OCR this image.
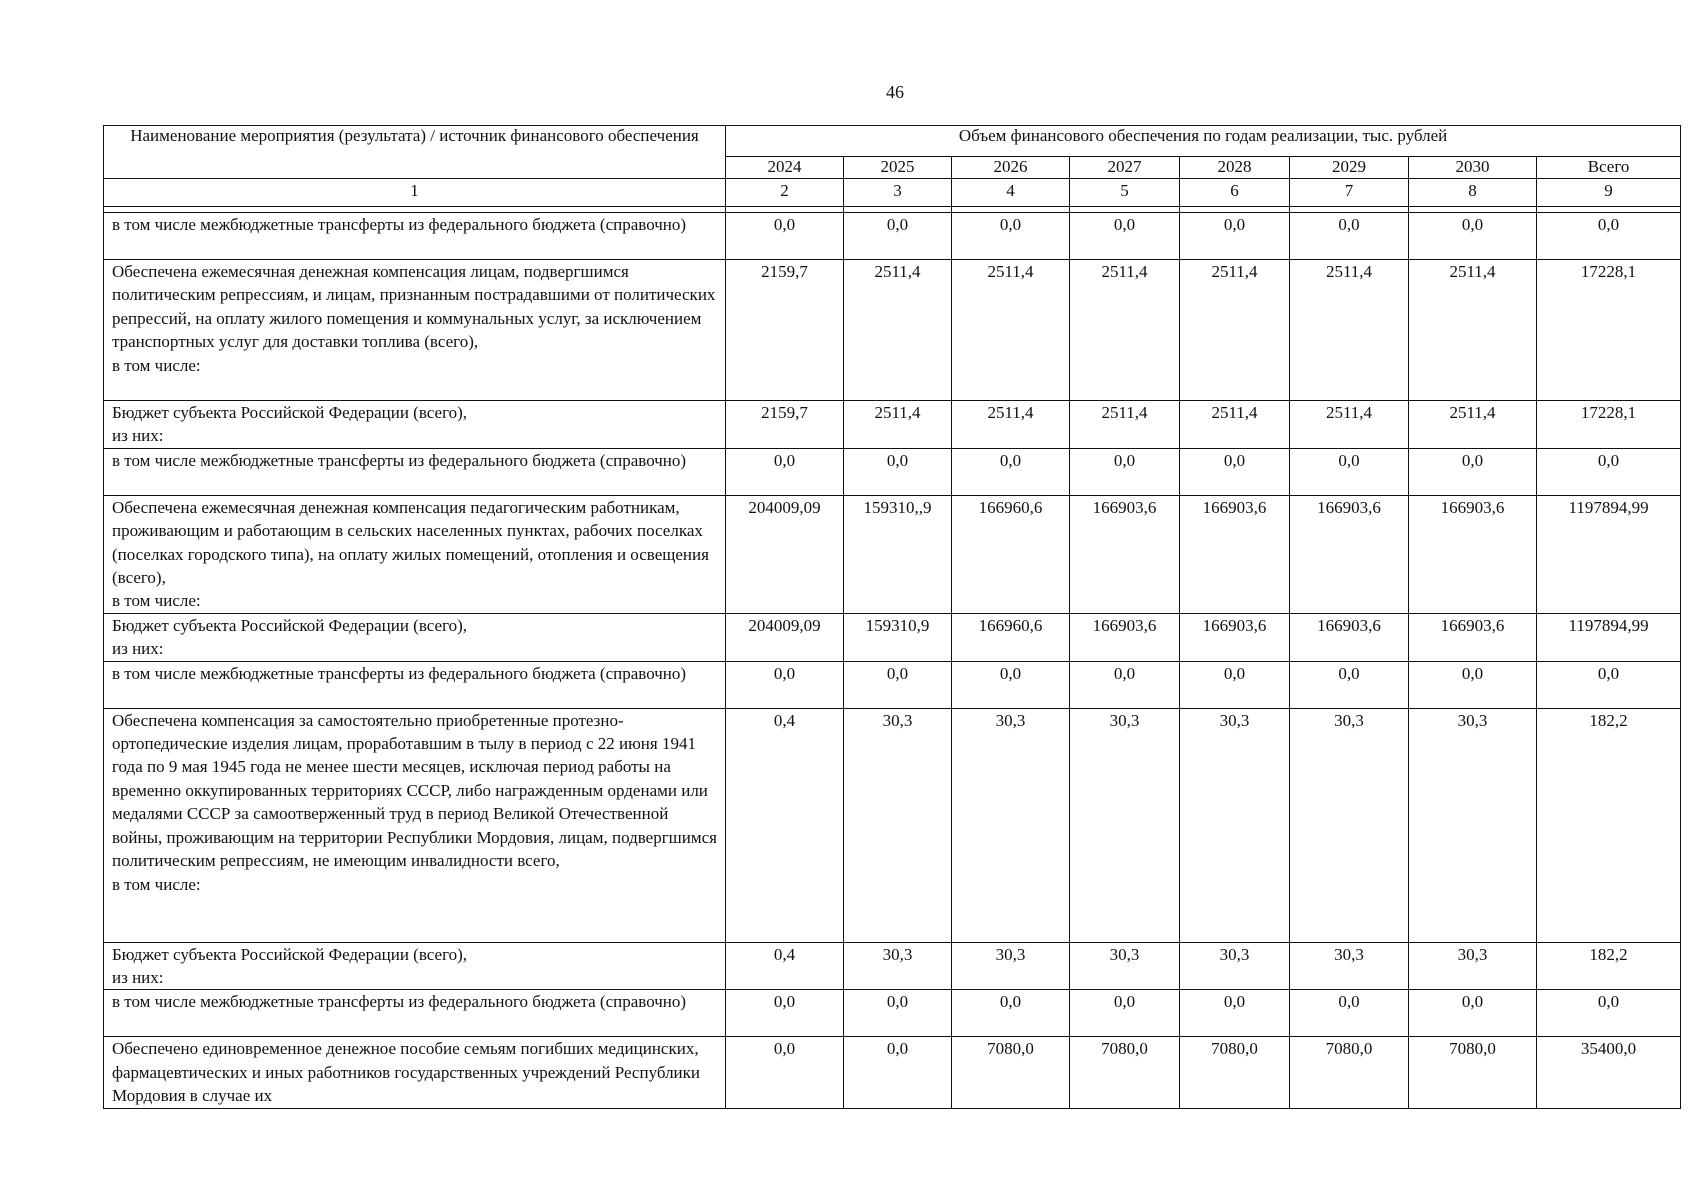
46
Наименование мероприятия (результата) / источник финансового обеспечения	Объем финансового обеспечения по годам реализации, тыс. рублей							
	2024	2025	2026	2027	2028	2029	2030	Всего
1	2	3	4	5	6	7	8	9

в том числе межбюджетные трансферты из федерального бюджета (справочно)	0,0	0,0	0,0	0,0	0,0	0,0	0,0	0,0
Обеспечена ежемесячная денежная компенсация лицам, подвергшимся политическим репрессиям, и лицам, признанным пострадавшими от политических репрессий, на оплату жилого помещения и коммунальных услуг, за исключением транспортных услуг для доставки топлива (всего),
в том числе:	2159,7	2511,4	2511,4	2511,4	2511,4	2511,4	2511,4	17228,1
Бюджет субъекта Российской Федерации (всего),
из них:	2159,7	2511,4	2511,4	2511,4	2511,4	2511,4	2511,4	17228,1
в том числе межбюджетные трансферты из федерального бюджета (справочно)	0,0	0,0	0,0	0,0	0,0	0,0	0,0	0,0
Обеспечена ежемесячная денежная компенсация педагогическим работникам, проживающим и работающим в сельских населенных пунктах, рабочих поселках (поселках городского типа), на оплату жилых помещений, отопления и освещения (всего),
в том числе:	204009,09	159310,,9	166960,6	166903,6	166903,6	166903,6	166903,6	1197894,99
Бюджет субъекта Российской Федерации (всего),
из них:	204009,09	159310,9	166960,6	166903,6	166903,6	166903,6	166903,6	1197894,99
в том числе межбюджетные трансферты из федерального бюджета (справочно)	0,0	0,0	0,0	0,0	0,0	0,0	0,0	0,0
Обеспечена компенсация за самостоятельно приобретенные протезно-ортопедические изделия лицам, проработавшим в тылу в период с 22 июня 1941 года по 9 мая 1945 года не менее шести месяцев, исключая период работы на временно оккупированных территориях СССР, либо награжденным орденами или медалями СССР за самоотверженный труд в период Великой Отечественной войны, проживающим на территории Республики Мордовия, лицам, подвергшимся политическим репрессиям, не имеющим инвалидности всего,
в том числе:	0,4	30,3	30,3	30,3	30,3	30,3	30,3	182,2
Бюджет субъекта Российской Федерации (всего),
из них:	0,4	30,3	30,3	30,3	30,3	30,3	30,3	182,2
в том числе межбюджетные трансферты из федерального бюджета (справочно)	0,0	0,0	0,0	0,0	0,0	0,0	0,0	0,0
Обеспечено единовременное денежное пособие семьям погибших медицинских, фармацевтических и иных работников государственных учреждений Республики Мордовия в случае их	0,0	0,0	7080,0	7080,0	7080,0	7080,0	7080,0	35400,0
